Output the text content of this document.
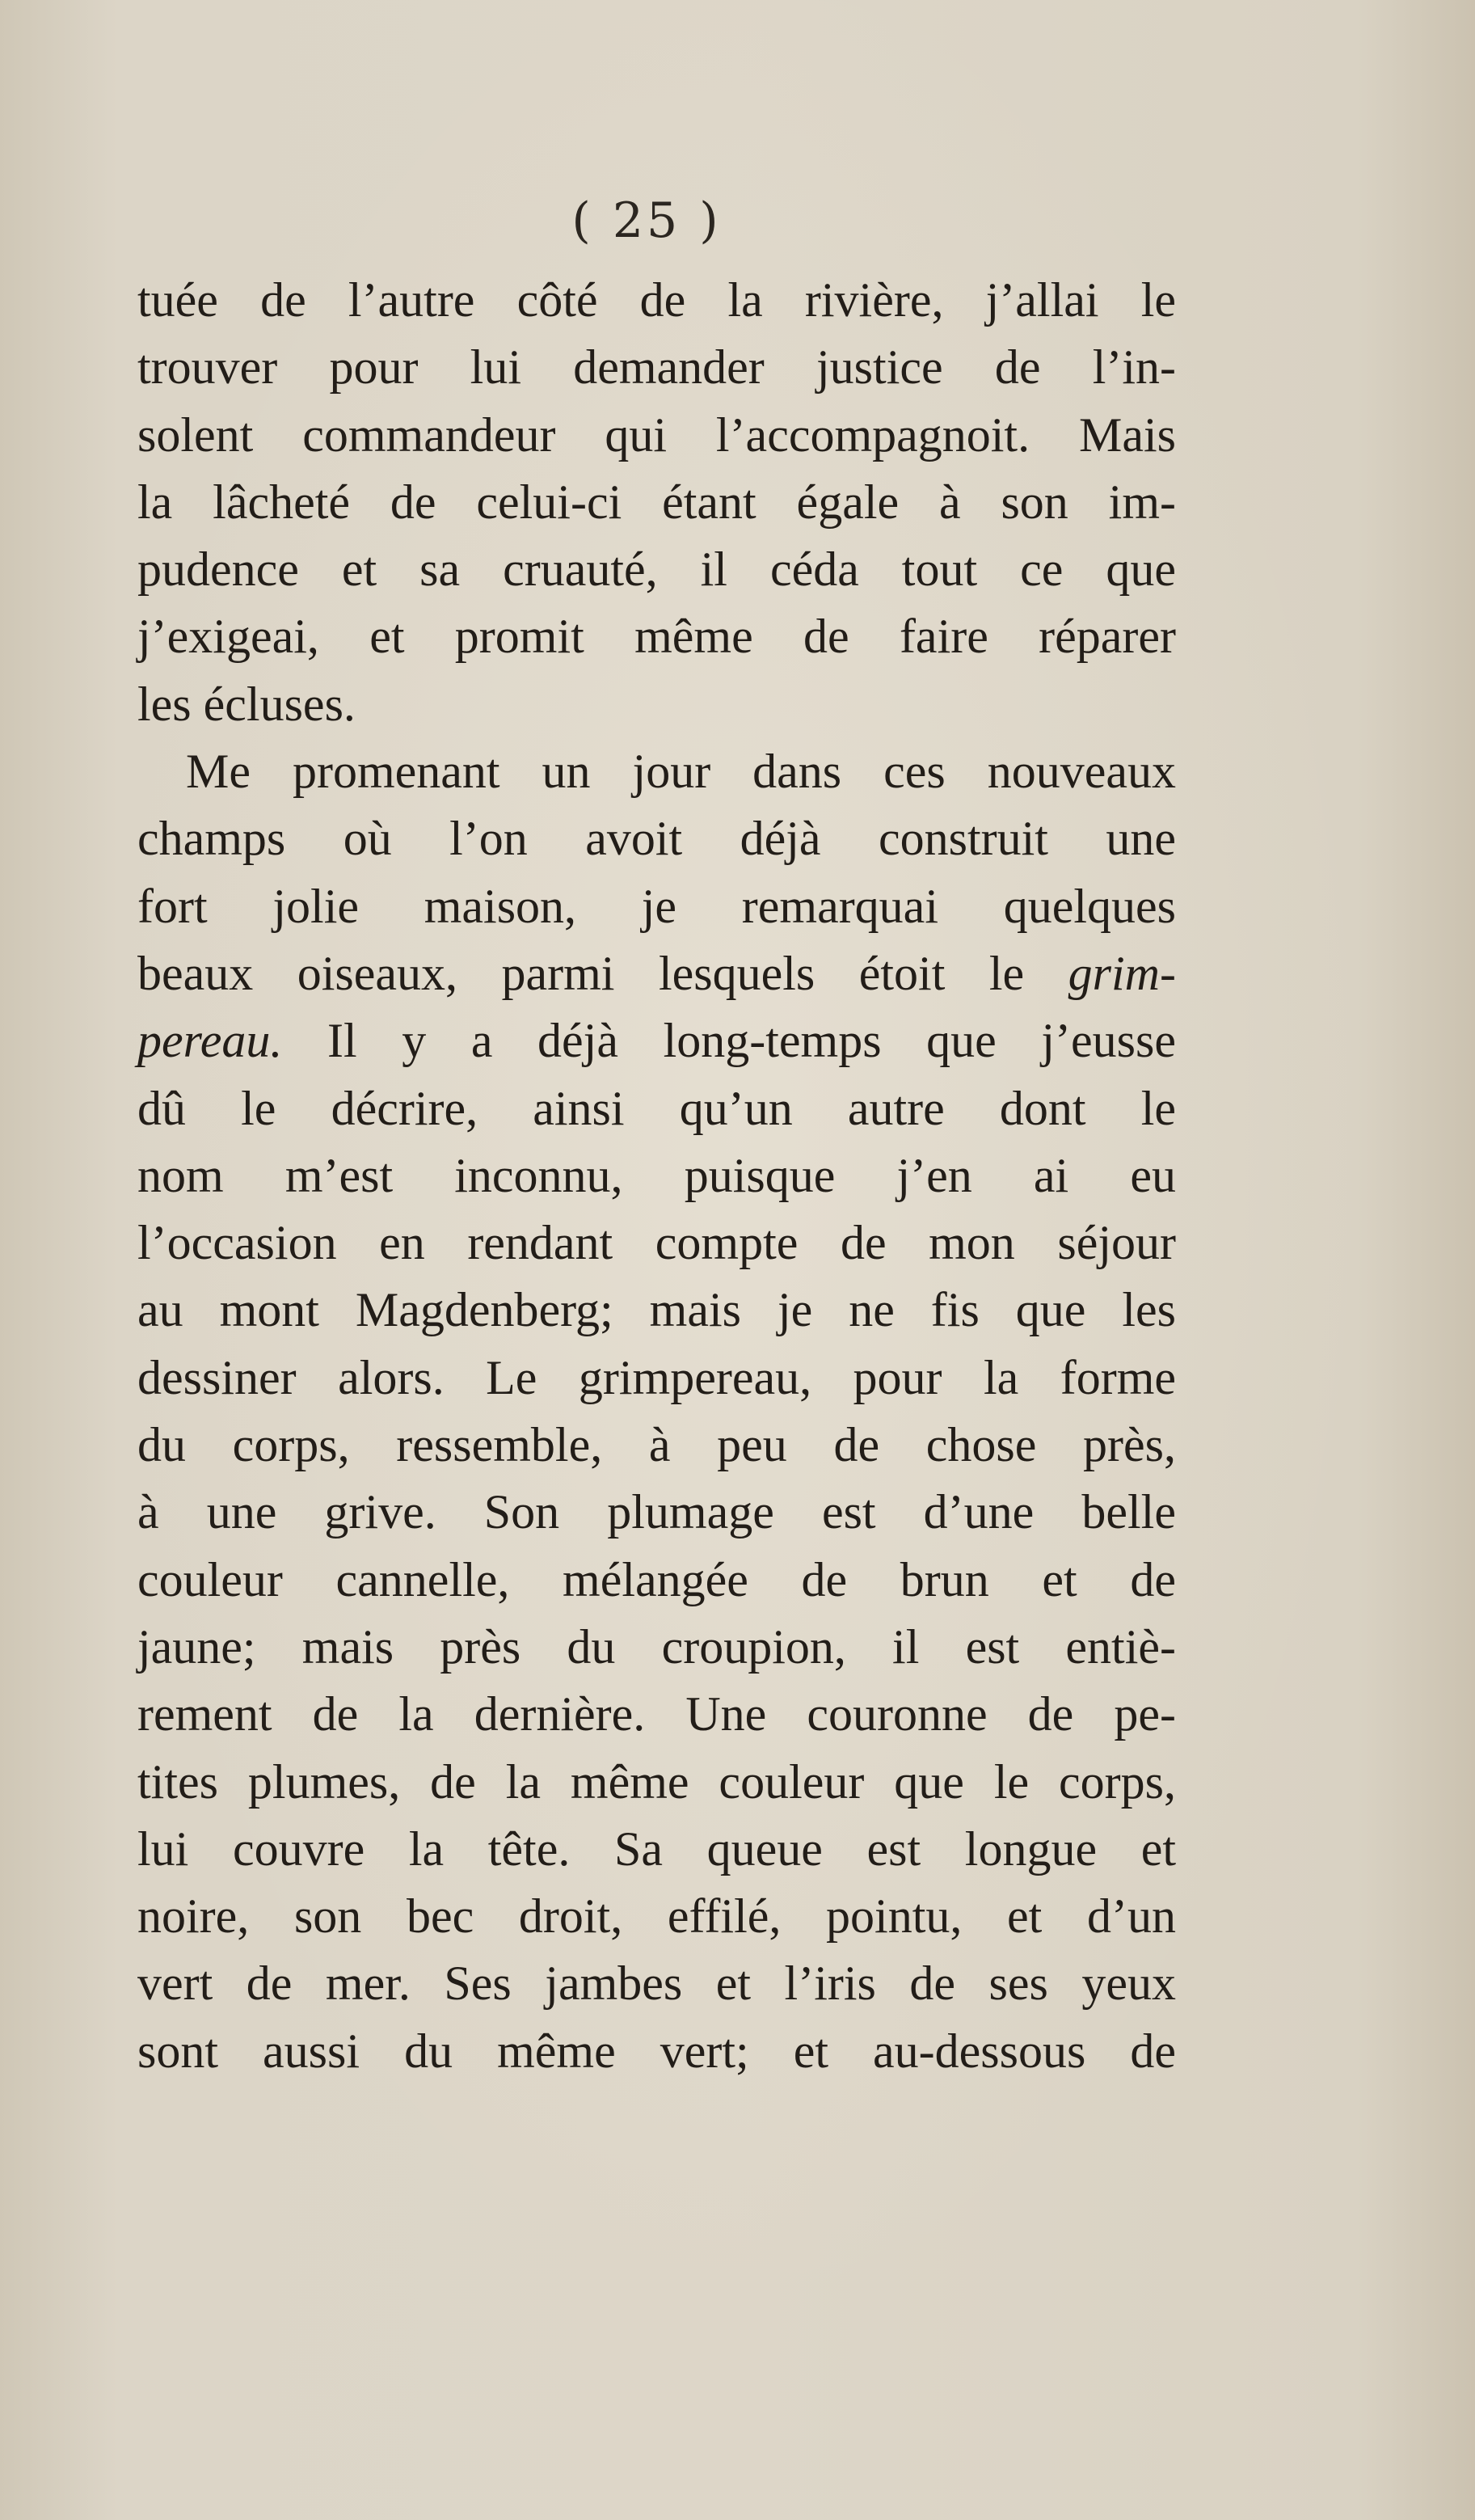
( 25 )
tuée de l’autre côté de la rivière, j’allai le
trouver pour lui demander justice de l’in-
solent commandeur qui l’accompagnoit. Mais
la lâcheté de celui-ci étant égale à son im-
pudence et sa cruauté, il céda tout ce que
j’exigeai, et promit même de faire réparer
les écluses.
Me promenant un jour dans ces nouveaux
champs où l’on avoit déjà construit une
fort jolie maison, je remarquai quelques
beaux oiseaux, parmi lesquels étoit le grim-
pereau. Il y a déjà long-temps que j’eusse
dû le décrire, ainsi qu’un autre dont le
nom m’est inconnu, puisque j’en ai eu
l’occasion en rendant compte de mon séjour
au mont Magdenberg; mais je ne fis que les
dessiner alors. Le grimpereau, pour la forme
du corps, ressemble, à peu de chose près,
à une grive. Son plumage est d’une belle
couleur cannelle, mélangée de brun et de
jaune; mais près du croupion, il est entiè-
rement de la dernière. Une couronne de pe-
tites plumes, de la même couleur que le corps,
lui couvre la tête. Sa queue est longue et
noire, son bec droit, effilé, pointu, et d’un
vert de mer. Ses jambes et l’iris de ses yeux
sont aussi du même vert; et au-dessous de
